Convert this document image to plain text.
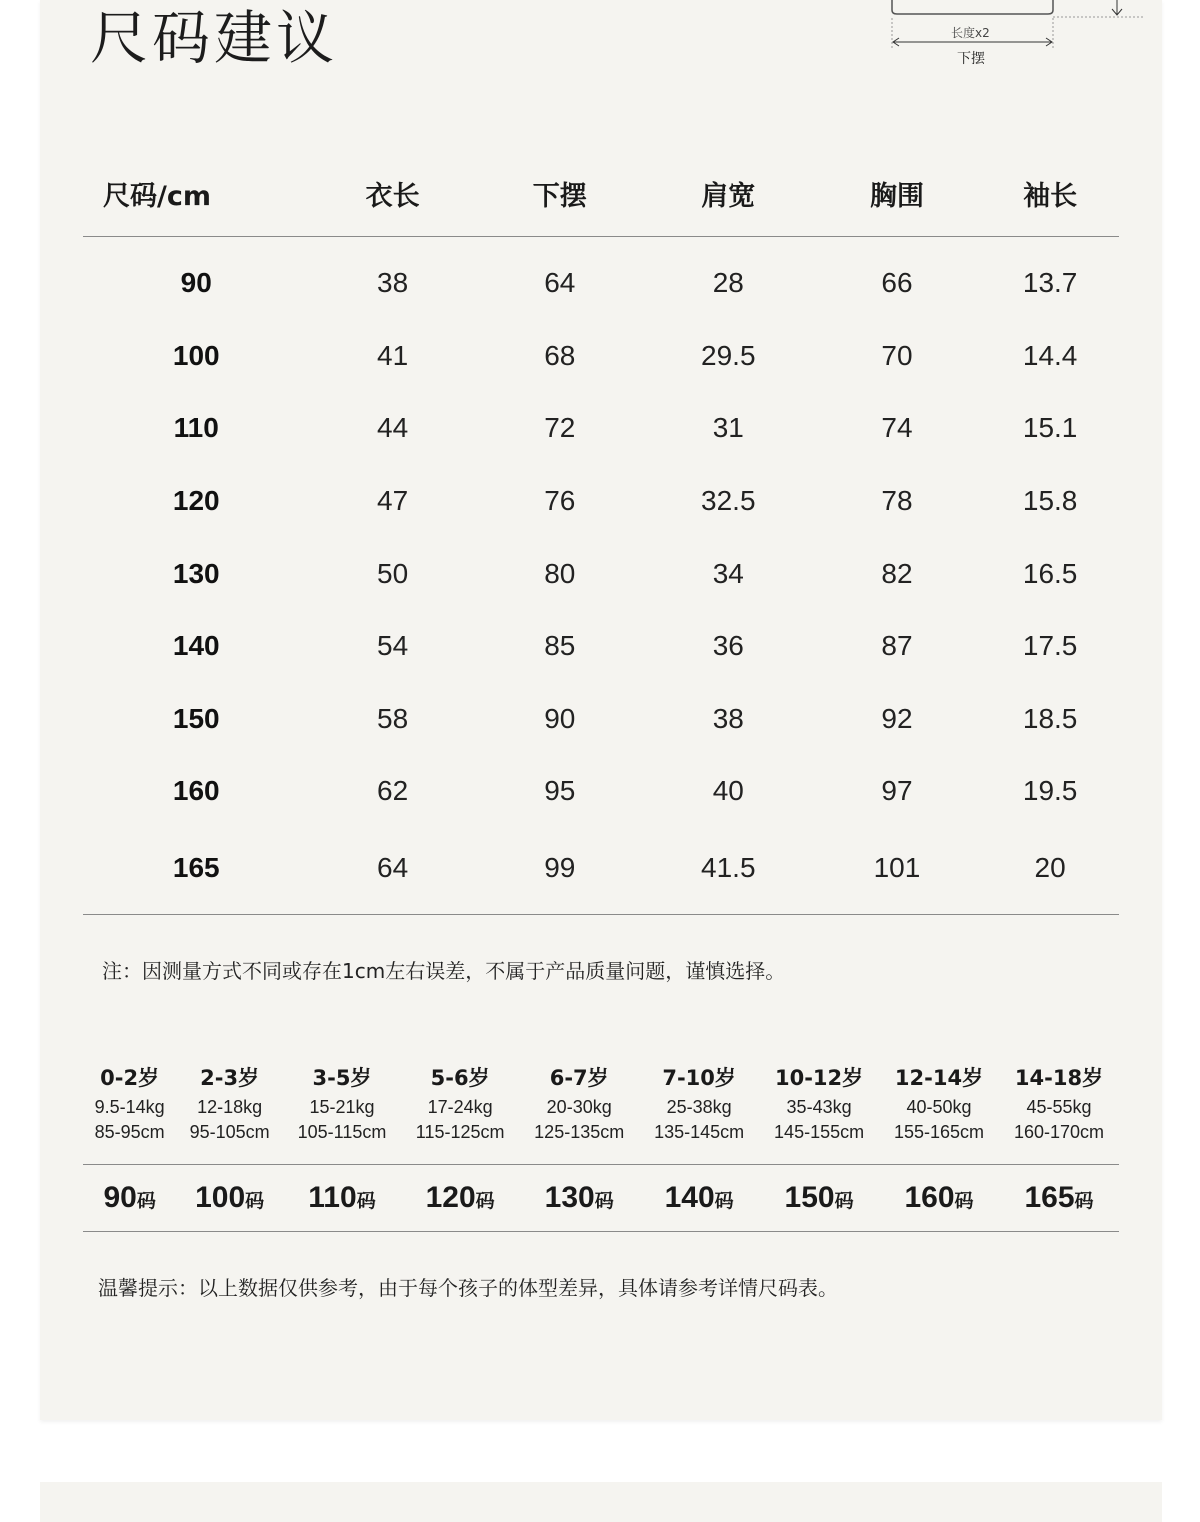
尺码建议	长度x2
下摆
尺码/cm	衣长	下摆	肩宽	胸围	袖长
90	38	64	28	66	13.7
100	41	68	29.5	70	14.4
110	44	72	31	74	15.1
120	47	76	32.5	78	15.8
130	50	80	34	82	16.5
140	54	85	36	87	17.5
150	58	90	38	92	18.5
160	62	95	40	97	19.5
165	64	99	41.5	101	20
注：因测量方式不同或存在1cm左右误差，不属于产品质量问题，谨慎选择。
0-2岁	2-3岁	3-5岁	5-6岁	6-7岁	7-10岁	10-12岁	12-14岁	14-18岁
9.5-14kg	12-18kg	15-21kg	17-24kg	20-30kg	25-38kg	35-43kg	40-50kg	45-55kg
85-95cm	95-105cm	105-115cm	115-125cm	125-135cm	135-145cm	145-155cm	155-165cm	160-170cm

90码	100码	110码	120码	130码	140码	150码	160码	165码
温馨提示：以上数据仅供参考，由于每个孩子的体型差异，具体请参考详情尺码表。
